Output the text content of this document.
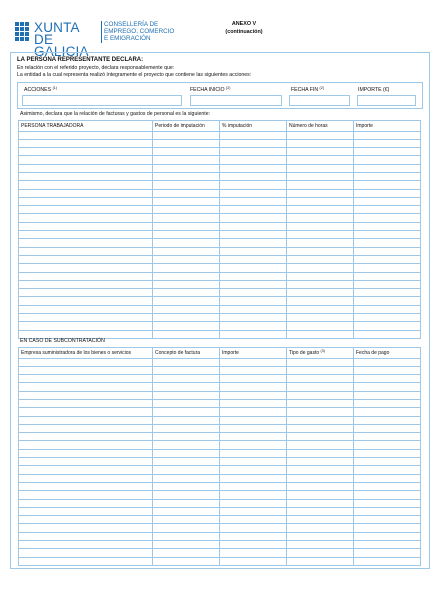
XUNTA
DE GALICIA
CONSELLERÍA DE
EMPREGO, COMERCIO
E EMIGRACIÓN
ANEXO V
(continuación)
LA PERSONA REPRESENTANTE DECLARA:
En relación con el referido proyecto, declara responsablemente que:
La entidad a la cual representa realizó íntegramente el proyecto que contiene las siguientes acciones:
ACCIONES $^{(1)}$	FECHA INICIO $^{(2)}$	FECHA FIN $^{(2)}$	IMPORTE (€)
Asimismo, declara que la relación de facturas y gastos de personal es la siguiente:
PERSONA TRABAJADORA	Periodo de imputación	% imputación	Número de horas	Importe

EN CASO DE SUBCONTRATACIÓN
Empresa suministradora de los bienes o servicios	Concepto de factura	Importe	Tipo de gasto $^{(3)}$	Fecha de pago
